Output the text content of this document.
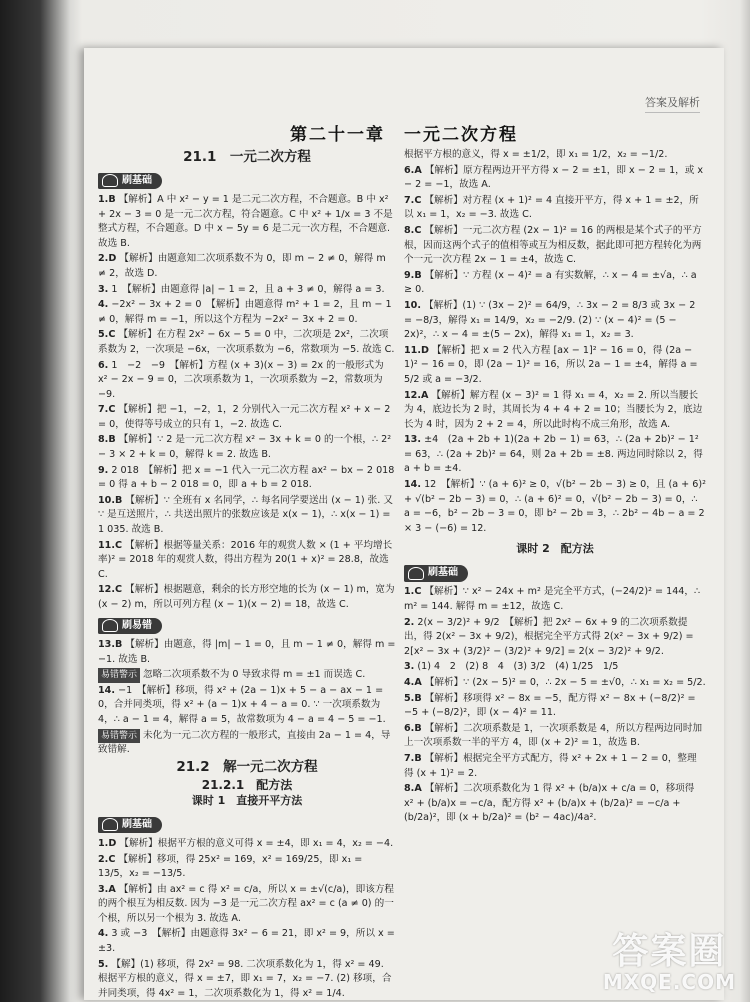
答案及解析
第二十一章　一元二次方程
21.1　一元二次方程
刷基础
1.B 【解析】A 中 x² − y = 1 是二元二次方程，不合题意。B 中 x² + 2x − 3 = 0 是一元二次方程，符合题意。C 中 x² + 1/x = 3 不是整式方程，不合题意。D 中 x − 5y = 6 是二元一次方程，不合题意. 故选 B.
2.D 【解析】由题意知二次项系数不为 0，即 m − 2 ≠ 0，解得 m ≠ 2，故选 D.
3. 1　【解析】由题意得 |a| − 1 = 2，且 a + 3 ≠ 0，解得 a = 3.
4. −2x² − 3x + 2 = 0　【解析】由题意得 m² + 1 = 2，且 m − 1 ≠ 0，解得 m = −1，所以这个方程为 −2x² − 3x + 2 = 0.
5.C 【解析】在方程 2x² − 6x − 5 = 0 中，二次项是 2x²，二次项系数为 2，一次项是 −6x，一次项系数为 −6，常数项为 −5. 故选 C.
6. 1　−2　−9　【解析】方程 (x + 3)(x − 3) = 2x 的一般形式为 x² − 2x − 9 = 0，二次项系数为 1，一次项系数为 −2，常数项为 −9.
7.C 【解析】把 −1，−2，1，2 分别代入一元二次方程 x² + x − 2 = 0，使得等号成立的只有 1，−2. 故选 C.
8.B 【解析】∵ 2 是一元二次方程 x² − 3x + k = 0 的一个根，∴ 2² − 3 × 2 + k = 0，解得 k = 2. 故选 B.
9. 2 018　【解析】把 x = −1 代入一元二次方程 ax² − bx − 2 018 = 0 得 a + b − 2 018 = 0，即 a + b = 2 018.
10.B 【解析】∵ 全班有 x 名同学，∴ 每名同学要送出 (x − 1) 张. 又 ∵ 是互送照片，∴ 共送出照片的张数应该是 x(x − 1)，∴ x(x − 1) = 1 035. 故选 B.
11.C 【解析】根据等量关系：2016 年的观赏人数 × (1 + 平均增长率)² = 2018 年的观赏人数，得出方程为 20(1 + x)² = 28.8，故选 C.
12.C 【解析】根据题意，剩余的长方形空地的长为 (x − 1) m，宽为 (x − 2) m，所以可列方程 (x − 1)(x − 2) = 18，故选 C.
刷易错
13.B 【解析】由题意，得 |m| − 1 = 0，且 m − 1 ≠ 0，解得 m = −1. 故选 B.
易错警示 忽略二次项系数不为 0 导致求得 m = ±1 而误选 C.
14. −1　【解析】移项，得 x² + (2a − 1)x + 5 − a − ax − 1 = 0，合并同类项，得 x² + (a − 1)x + 4 − a = 0. ∵ 一次项系数为 4，∴ a − 1 = 4，解得 a = 5，故常数项为 4 − a = 4 − 5 = −1.
易错警示 未化为一元二次方程的一般形式，直接由 2a − 1 = 4，导致错解.
21.2　解一元二次方程
21.2.1　配方法
课时 1　直接开平方法
刷基础
1.D 【解析】根据平方根的意义可得 x = ±4，即 x₁ = 4，x₂ = −4.
2.C 【解析】移项，得 25x² = 169，x² = 169/25，即 x₁ = 13/5，x₂ = −13/5.
3.A 【解析】由 ax² = c 得 x² = c/a，所以 x = ±√(c/a)，即该方程的两个根互为相反数. 因为 −3 是一元二次方程 ax² = c (a ≠ 0) 的一个根，所以另一个根为 3. 故选 A.
4. 3 或 −3　【解析】由题意得 3x² − 6 = 21，即 x² = 9，所以 x = ±3.
5. 【解】(1) 移项，得 2x² = 98. 二次项系数化为 1，得 x² = 49. 根据平方根的意义，得 x = ±7，即 x₁ = 7，x₂ = −7. (2) 移项，合并同类项，得 4x² = 1，二次项系数化为 1，得 x² = 1/4.
根据平方根的意义，得 x = ±1/2，即 x₁ = 1/2，x₂ = −1/2.
6.A 【解析】原方程两边开平方得 x − 2 = ±1，即 x − 2 = 1，或 x − 2 = −1，故选 A.
7.C 【解析】对方程 (x + 1)² = 4 直接开平方，得 x + 1 = ±2，所以 x₁ = 1，x₂ = −3. 故选 C.
8.C 【解析】一元二次方程 (2x − 1)² = 16 的两根是某个式子的平方根，因而这两个式子的值相等或互为相反数，据此即可把方程转化为两个一元一次方程 2x − 1 = ±4，故选 C.
9.B 【解析】∵ 方程 (x − 4)² = a 有实数解，∴ x − 4 = ±√a，∴ a ≥ 0.
10. 【解析】(1) ∵ (3x − 2)² = 64/9，∴ 3x − 2 = 8/3 或 3x − 2 = −8/3，解得 x₁ = 14/9，x₂ = −2/9. (2) ∵ (x − 4)² = (5 − 2x)²，∴ x − 4 = ±(5 − 2x)，解得 x₁ = 1，x₂ = 3.
11.D 【解析】把 x = 2 代入方程 [ax − 1]² − 16 = 0，得 (2a − 1)² − 16 = 0，即 (2a − 1)² = 16，所以 2a − 1 = ±4，解得 a = 5/2 或 a = −3/2.
12.A 【解析】解方程 (x − 3)² = 1 得 x₁ = 4，x₂ = 2. 所以当腰长为 4，底边长为 2 时，其周长为 4 + 4 + 2 = 10；当腰长为 2，底边长为 4 时，因为 2 + 2 = 4，所以此时构不成三角形，故选 A.
13. ±4　(2a + 2b + 1)(2a + 2b − 1) = 63，∴ (2a + 2b)² − 1² = 63，∴ (2a + 2b)² = 64，则 2a + 2b = ±8. 两边同时除以 2，得 a + b = ±4.
14. 12　【解析】∵ (a + 6)² ≥ 0，√(b² − 2b − 3) ≥ 0，且 (a + 6)² + √(b² − 2b − 3) = 0，∴ (a + 6)² = 0，√(b² − 2b − 3) = 0，∴ a = −6，b² − 2b − 3 = 0，即 b² − 2b = 3，∴ 2b² − 4b − a = 2 × 3 − (−6) = 12.
课时 2　配方法
刷基础
1.C 【解析】∵ x² − 24x + m² 是完全平方式，(−24/2)² = 144，∴ m² = 144. 解得 m = ±12，故选 C.
2. 2(x − 3/2)² + 9/2　【解析】把 2x² − 6x + 9 的二次项系数提出，得 2(x² − 3x + 9/2)，根据完全平方式得 2(x² − 3x + 9/2) = 2[x² − 3x + (3/2)² − (3/2)² + 9/2] = 2(x − 3/2)² + 9/2.
3. (1) 4　2　(2) 8　4　(3) 3/2　(4) 1/25　1/5
4.A 【解析】∵ (2x − 5)² = 0，∴ 2x − 5 = ±√0，∴ x₁ = x₂ = 5/2.
5.B 【解析】移项得 x² − 8x = −5，配方得 x² − 8x + (−8/2)² = −5 + (−8/2)²，即 (x − 4)² = 11.
6.B 【解析】二次项系数是 1，一次项系数是 4，所以方程两边同时加上一次项系数一半的平方 4，即 (x + 2)² = 1，故选 B.
7.B 【解析】根据完全平方式配方，得 x² + 2x + 1 − 2 = 0，整理得 (x + 1)² = 2.
8.A 【解析】二次项系数化为 1 得 x² + (b/a)x + c/a = 0，移项得 x² + (b/a)x = −c/a，配方得 x² + (b/a)x + (b/2a)² = −c/a + (b/2a)²，即 (x + b/2a)² = (b² − 4ac)/4a².
答案圈
MXQE.COM
